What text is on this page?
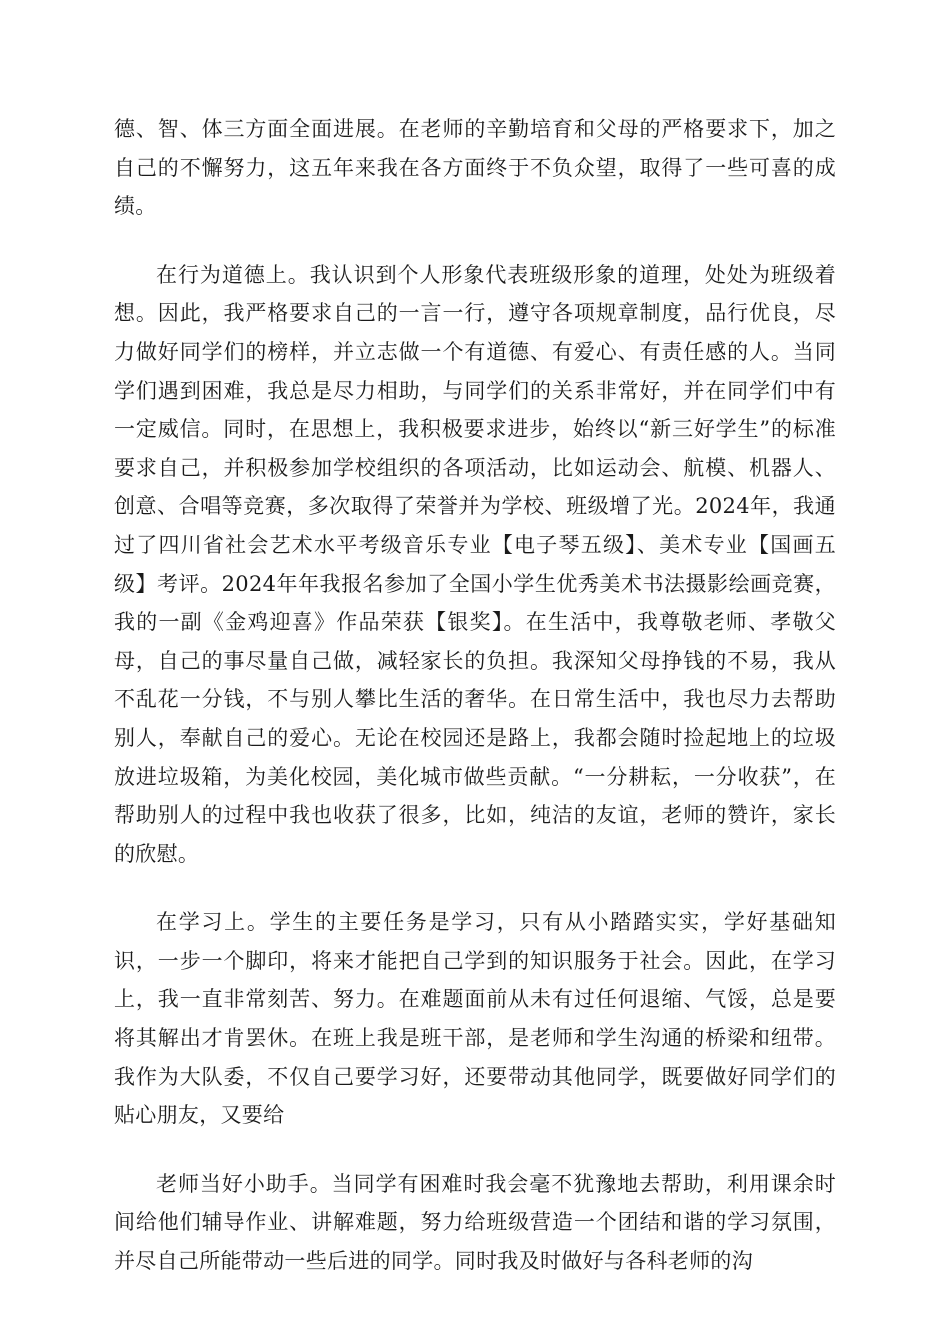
德、智、体三方面全面进展。在老师的辛勤培育和父母的严格要求下，加之自己的不懈努力，这五年来我在各方面终于不负众望，取得了一些可喜的成绩。

在行为道德上。我认识到个人形象代表班级形象的道理，处处为班级着想。因此，我严格要求自己的一言一行，遵守各项规章制度，品行优良，尽力做好同学们的榜样，并立志做一个有道德、有爱心、有责任感的人。当同学们遇到困难，我总是尽力相助，与同学们的关系非常好，并在同学们中有一定威信。同时，在思想上，我积极要求进步，始终以“新三好学生”的标准要求自己，并积极参加学校组织的各项活动，比如运动会、航模、机器人、创意、合唱等竞赛，多次取得了荣誉并为学校、班级增了光。2024年，我通过了四川省社会艺术水平考级音乐专业【电子琴五级】、美术专业【国画五级】考评。2024年年我报名参加了全国小学生优秀美术书法摄影绘画竞赛，我的一副《金鸡迎喜》作品荣获【银奖】。在生活中，我尊敬老师、孝敬父母，自己的事尽量自己做，减轻家长的负担。我深知父母挣钱的不易，我从不乱花一分钱，不与别人攀比生活的奢华。在日常生活中，我也尽力去帮助别人，奉献自己的爱心。无论在校园还是路上，我都会随时捡起地上的垃圾放进垃圾箱，为美化校园，美化城市做些贡献。“一分耕耘，一分收获”，在帮助别人的过程中我也收获了很多，比如，纯洁的友谊，老师的赞许，家长的欣慰。

在学习上。学生的主要任务是学习，只有从小踏踏实实，学好基础知识，一步一个脚印，将来才能把自己学到的知识服务于社会。因此，在学习上，我一直非常刻苦、努力。在难题面前从未有过任何退缩、气馁，总是要将其解出才肯罢休。在班上我是班干部，是老师和学生沟通的桥梁和纽带。我作为大队委，不仅自己要学习好，还要带动其他同学，既要做好同学们的贴心朋友，又要给

老师当好小助手。当同学有困难时我会毫不犹豫地去帮助，利用课余时间给他们辅导作业、讲解难题，努力给班级营造一个团结和谐的学习氛围，并尽自己所能带动一些后进的同学。同时我及时做好与各科老师的沟
